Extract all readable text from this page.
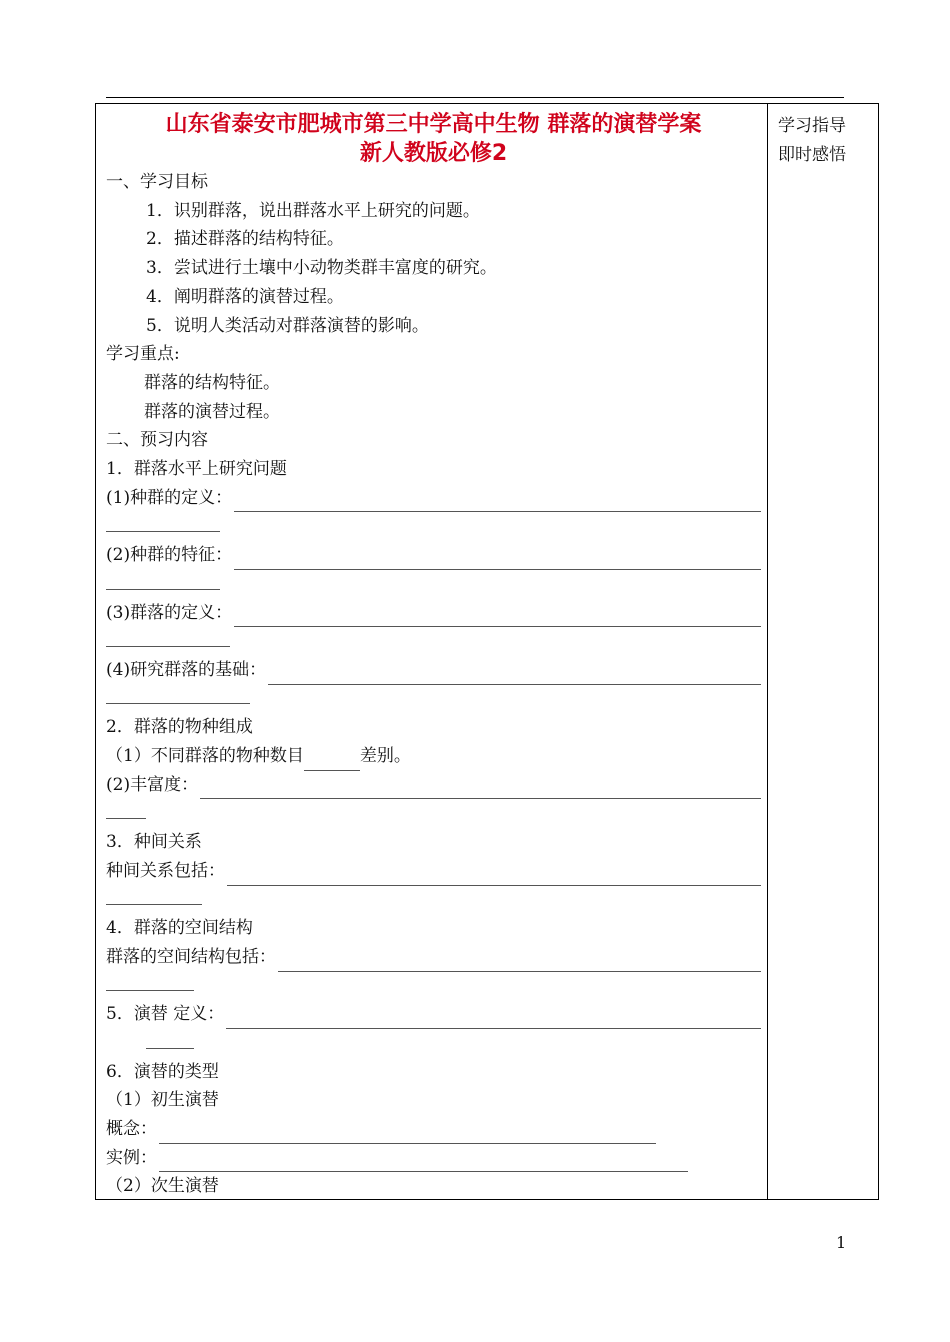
山东省泰安市肥城市第三中学高中生物 群落的演替学案
新人教版必修2
一、学习目标
1．识别群落，说出群落水平上研究的问题。
2．描述群落的结构特征。
3．尝试进行土壤中小动物类群丰富度的研究。
4．阐明群落的演替过程。
5．说明人类活动对群落演替的影响。
学习重点:
群落的结构特征。
群落的演替过程。
二、预习内容
1．群落水平上研究问题
(1)种群的定义：
(2)种群的特征：
(3)群落的定义：
(4)研究群落的基础：
2．群落的物种组成
（1）不同群落的物种数目	差别。
(2)丰富度：
3．种间关系
种间关系包括：
4．群落的空间结构
群落的空间结构包括：
5．演替 定义：
6．演替的类型
（1）初生演替
概念：
实例：
（2）次生演替
学习指导
即时感悟
1
